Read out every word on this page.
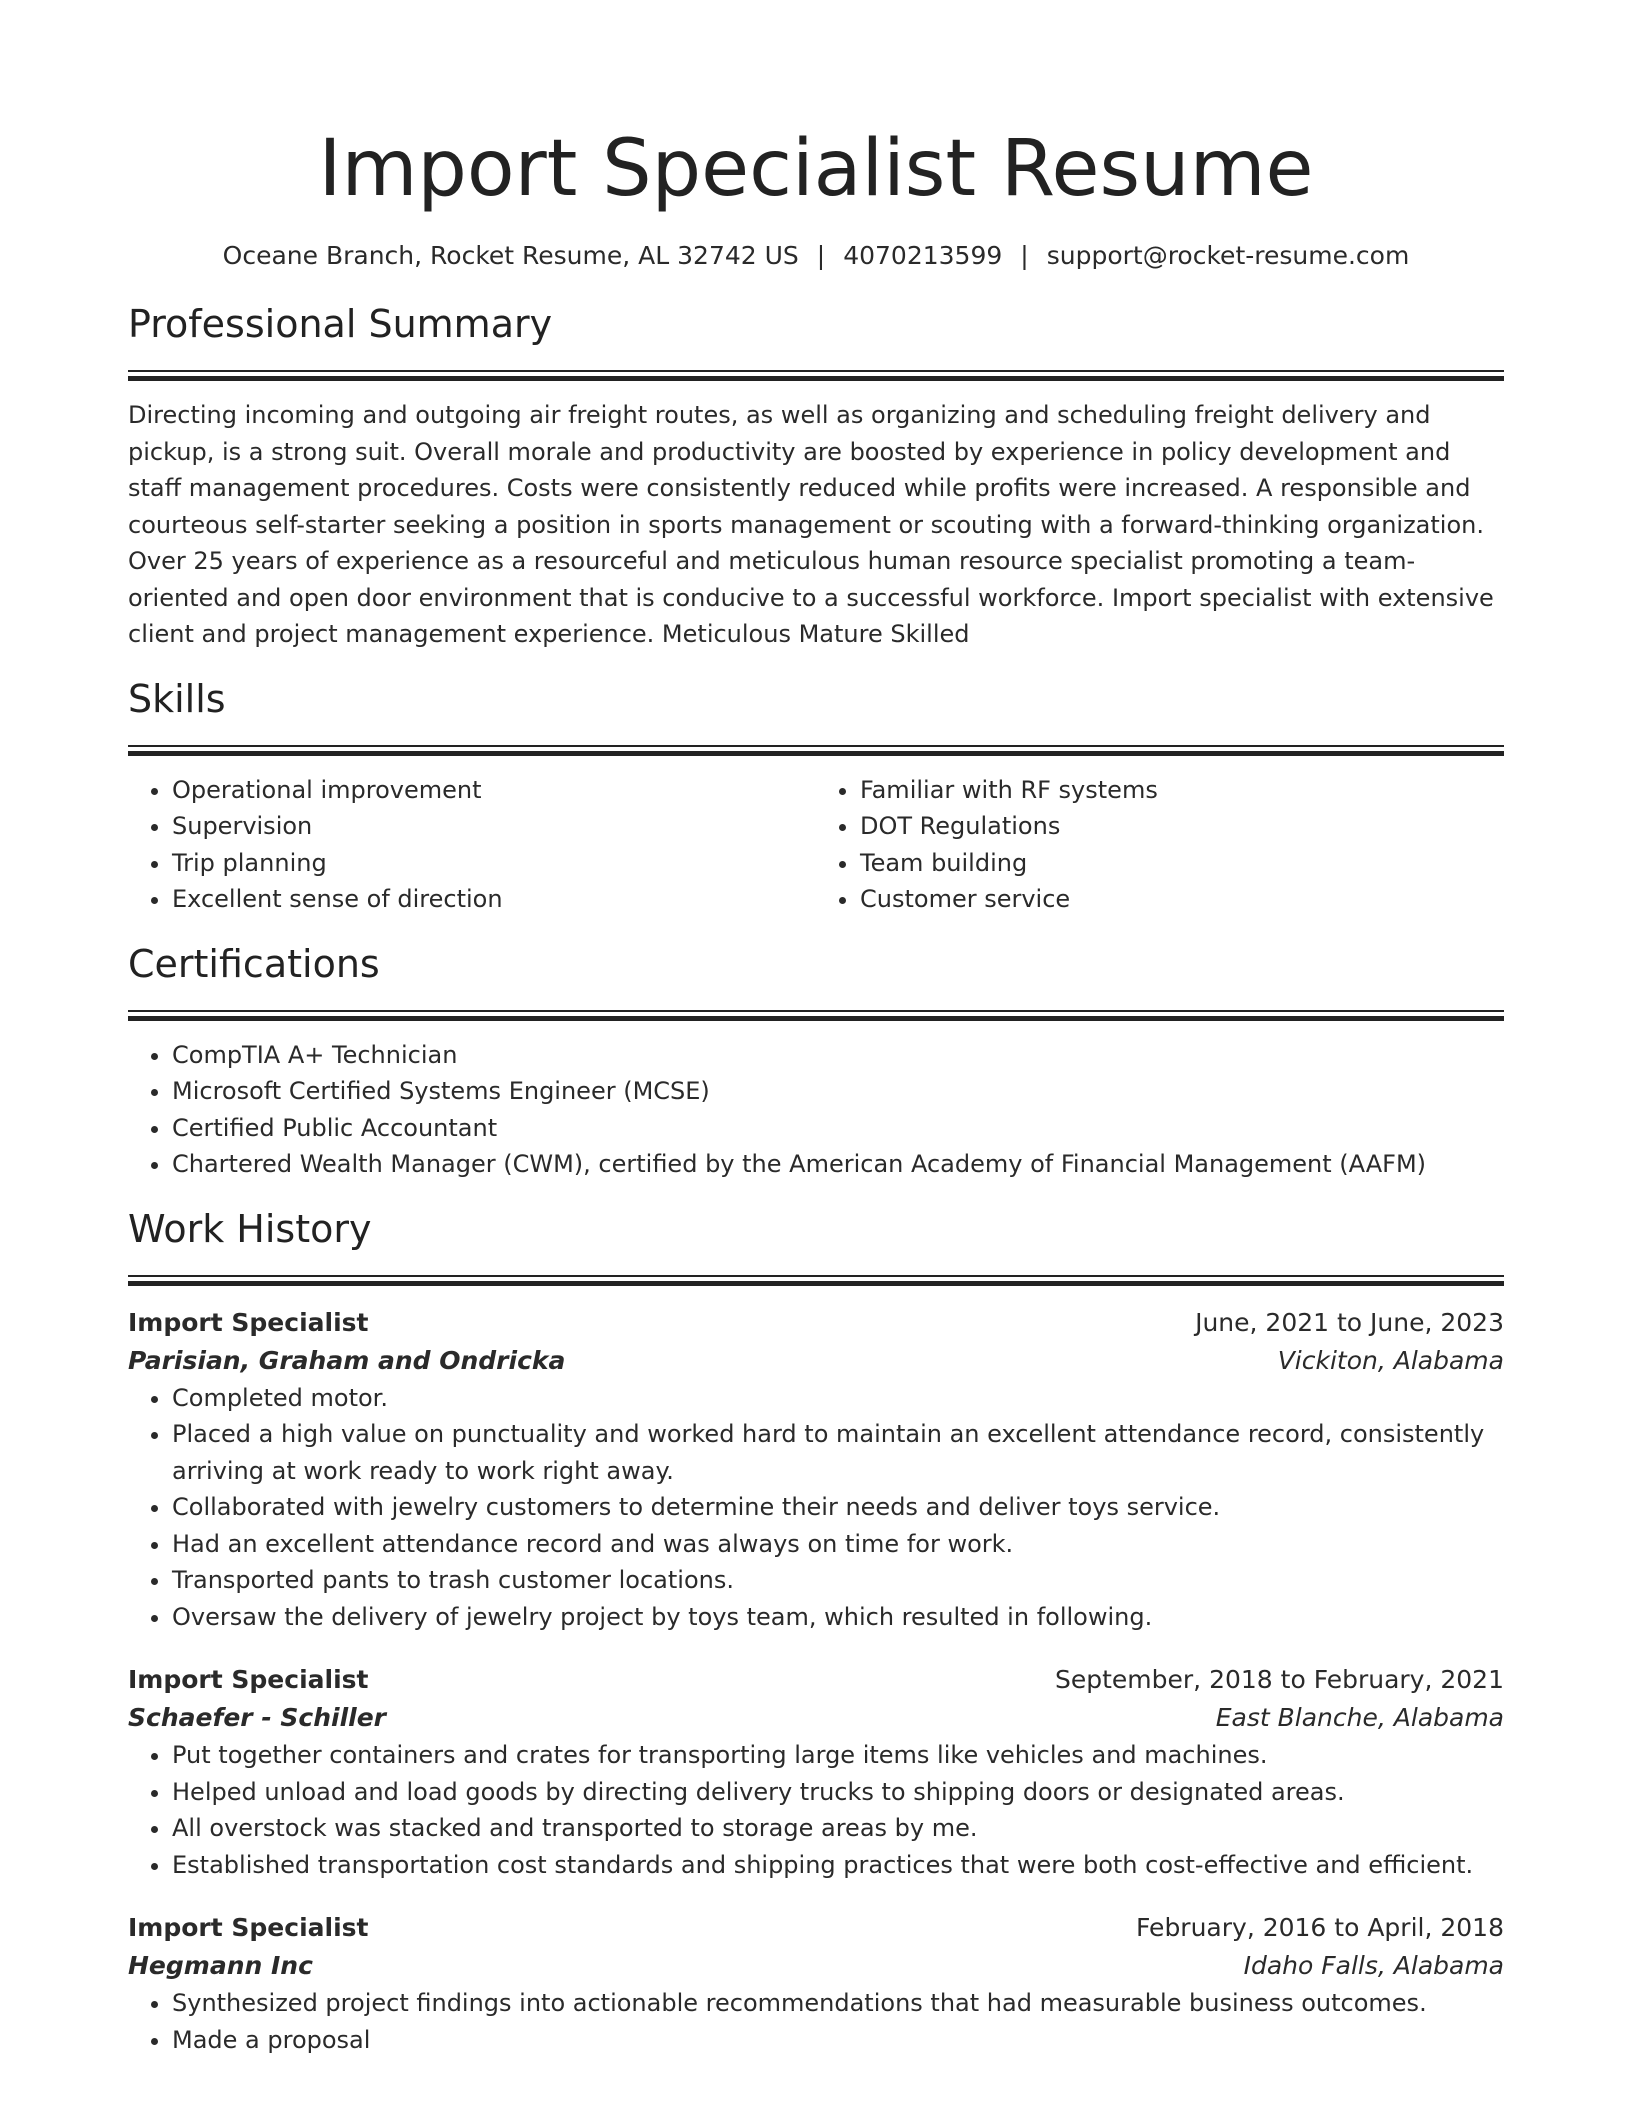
Import Specialist Resume
Oceane Branch, Rocket Resume, AL 32742 US | 4070213599 | support@rocket-resume.com
Professional Summary

Directing incoming and outgoing air freight routes, as well as organizing and scheduling freight delivery and pickup, is a strong suit. Overall morale and productivity are boosted by experience in policy development and staff management procedures. Costs were consistently reduced while profits were increased. A responsible and courteous self-starter seeking a position in sports management or scouting with a forward-thinking organization. Over 25 years of experience as a resourceful and meticulous human resource specialist promoting a team-oriented and open door environment that is conducive to a successful workforce. Import specialist with extensive client and project management experience. Meticulous Mature Skilled

Skills
• Operational improvement
• Supervision
• Trip planning
• Excellent sense of direction
• Familiar with RF systems
• DOT Regulations
• Team building
• Customer service
Certifications
• CompTIA A+ Technician
• Microsoft Certified Systems Engineer (MCSE)
• Certified Public Accountant
• Chartered Wealth Manager (CWM), certified by the American Academy of Financial Management (AAFM)
Work History
Import Specialist	June, 2021 to June, 2023
Parisian, Graham and Ondricka	Vickiton, Alabama
• Completed motor.
• Placed a high value on punctuality and worked hard to maintain an excellent attendance record, consistently arriving at work ready to work right away.
• Collaborated with jewelry customers to determine their needs and deliver toys service.
• Had an excellent attendance record and was always on time for work.
• Transported pants to trash customer locations.
• Oversaw the delivery of jewelry project by toys team, which resulted in following.
Import Specialist	September, 2018 to February, 2021
Schaefer - Schiller	East Blanche, Alabama
• Put together containers and crates for transporting large items like vehicles and machines.
• Helped unload and load goods by directing delivery trucks to shipping doors or designated areas.
• All overstock was stacked and transported to storage areas by me.
• Established transportation cost standards and shipping practices that were both cost-effective and efficient.
Import Specialist	February, 2016 to April, 2018
Hegmann Inc	Idaho Falls, Alabama
• Synthesized project findings into actionable recommendations that had measurable business outcomes.
• Made a proposal
